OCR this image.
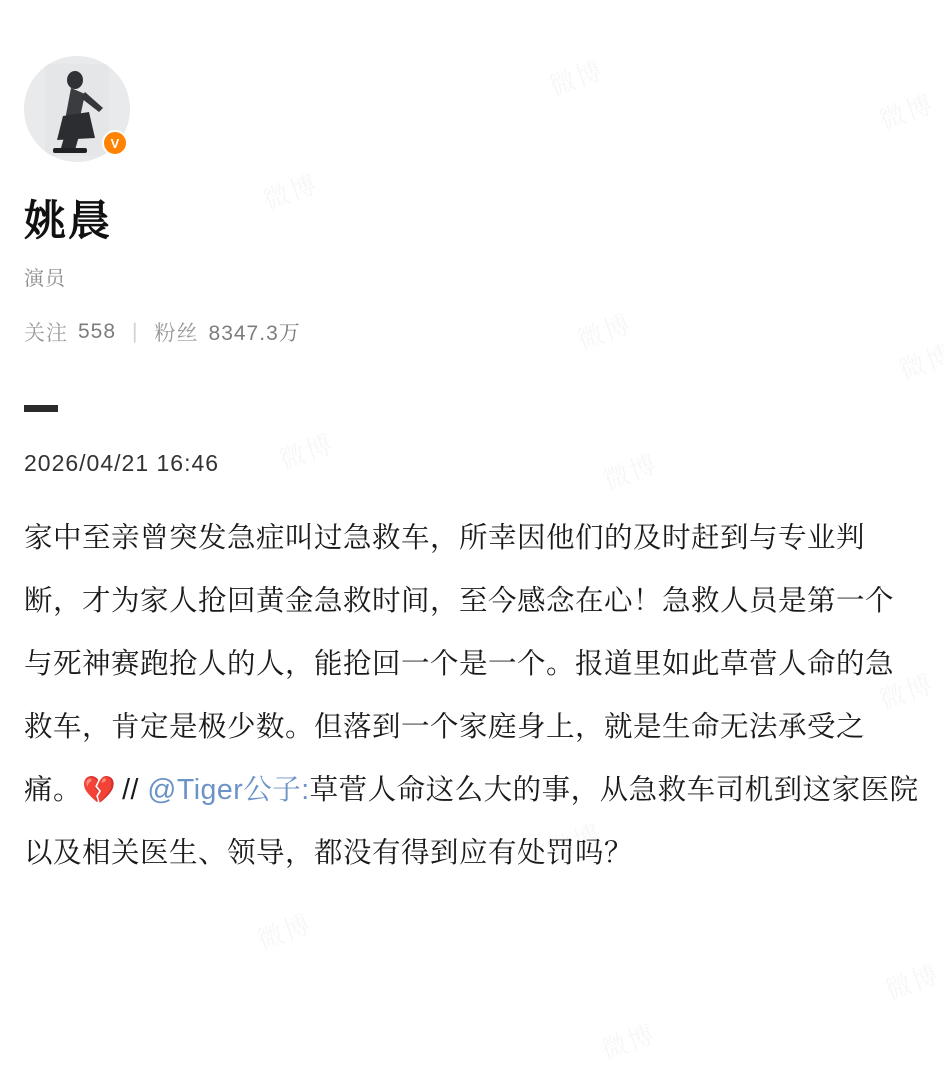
V
姚晨
演员
关注 558 | 粉丝 8347.3万
2026/04/21 16:46
家中至亲曾突发急症叫过急救车，所幸因他们的及时赶到与专业判断，才为家人抢回黄金急救时间，至今感念在心！急救人员是第一个与死神赛跑抢人的人，能抢回一个是一个。报道里如此草菅人命的急救车，肯定是极少数。但落到一个家庭身上，就是生命无法承受之痛。💔 // @Tiger公子:草菅人命这么大的事，从急救车司机到这家医院以及相关医生、领导，都没有得到应有处罚吗？
